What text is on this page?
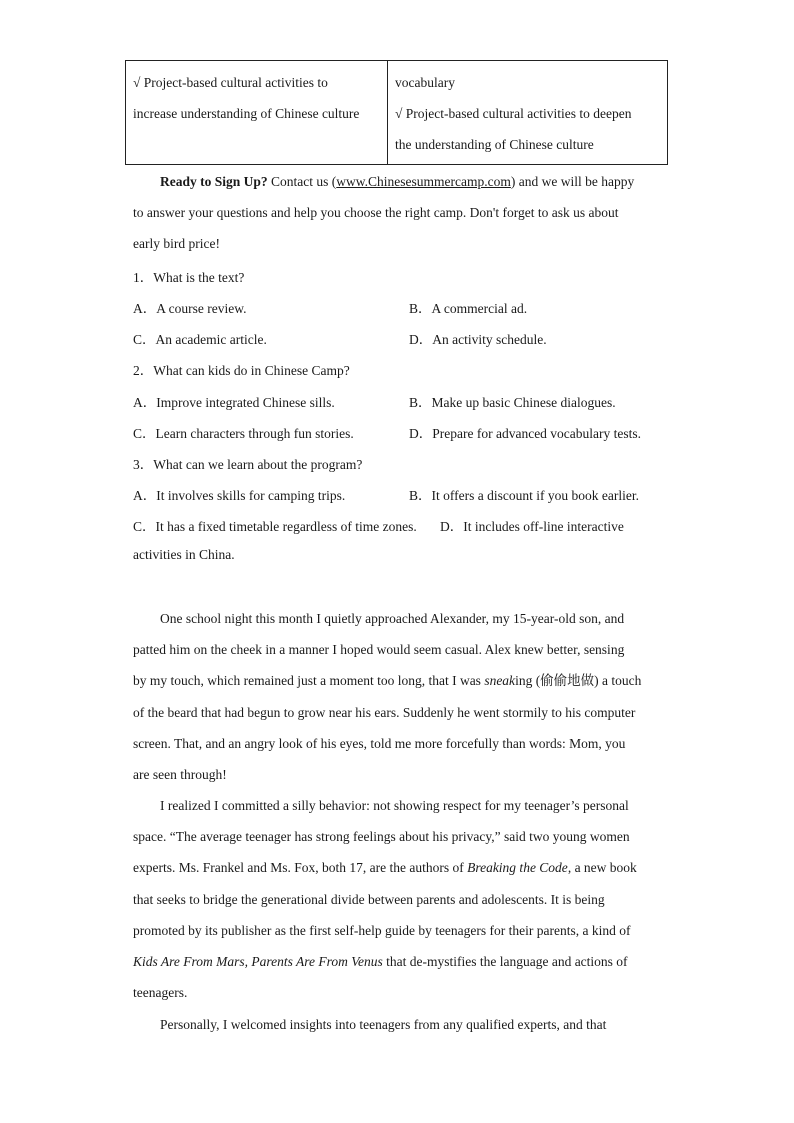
√ Project-based cultural activities to
increase understanding of Chinese culture

vocabulary
√ Project-based cultural activities to deepen
the understanding of Chinese culture
Ready to Sign Up? Contact us (www.Chinesesummercamp.com) and we will be happy
to answer your questions and help you choose the right camp. Don't forget to ask us about
early bird price!
1．What is the text?
A．A course review.	B．A commercial ad.
C．An academic article.	D．An activity schedule.
2．What can kids do in Chinese Camp?
A．Improve integrated Chinese sills.	B．Make up basic Chinese dialogues.
C．Learn characters through fun stories.	D．Prepare for advanced vocabulary tests.
3．What can we learn about the program?
A．It involves skills for camping trips.	B．It offers a discount if you book earlier.
C．It has a fixed timetable regardless of time zones. D．It includes off-line interactive
activities in China.
One school night this month I quietly approached Alexander, my 15-year-old son, and
patted him on the cheek in a manner I hoped would seem casual. Alex knew better, sensing
by my touch, which remained just a moment too long, that I was sneaking (偷偷地做) a touch
of the beard that had begun to grow near his ears. Suddenly he went stormily to his computer
screen. That, and an angry look of his eyes, told me more forcefully than words: Mom, you
are seen through!
I realized I committed a silly behavior: not showing respect for my teenager’s personal
space. “The average teenager has strong feelings about his privacy,” said two young women
experts. Ms. Frankel and Ms. Fox, both 17, are the authors of Breaking the Code, a new book
that seeks to bridge the generational divide between parents and adolescents. It is being
promoted by its publisher as the first self-help guide by teenagers for their parents, a kind of
Kids Are From Mars, Parents Are From Venus that de-mystifies the language and actions of
teenagers.
Personally, I welcomed insights into teenagers from any qualified experts, and that
